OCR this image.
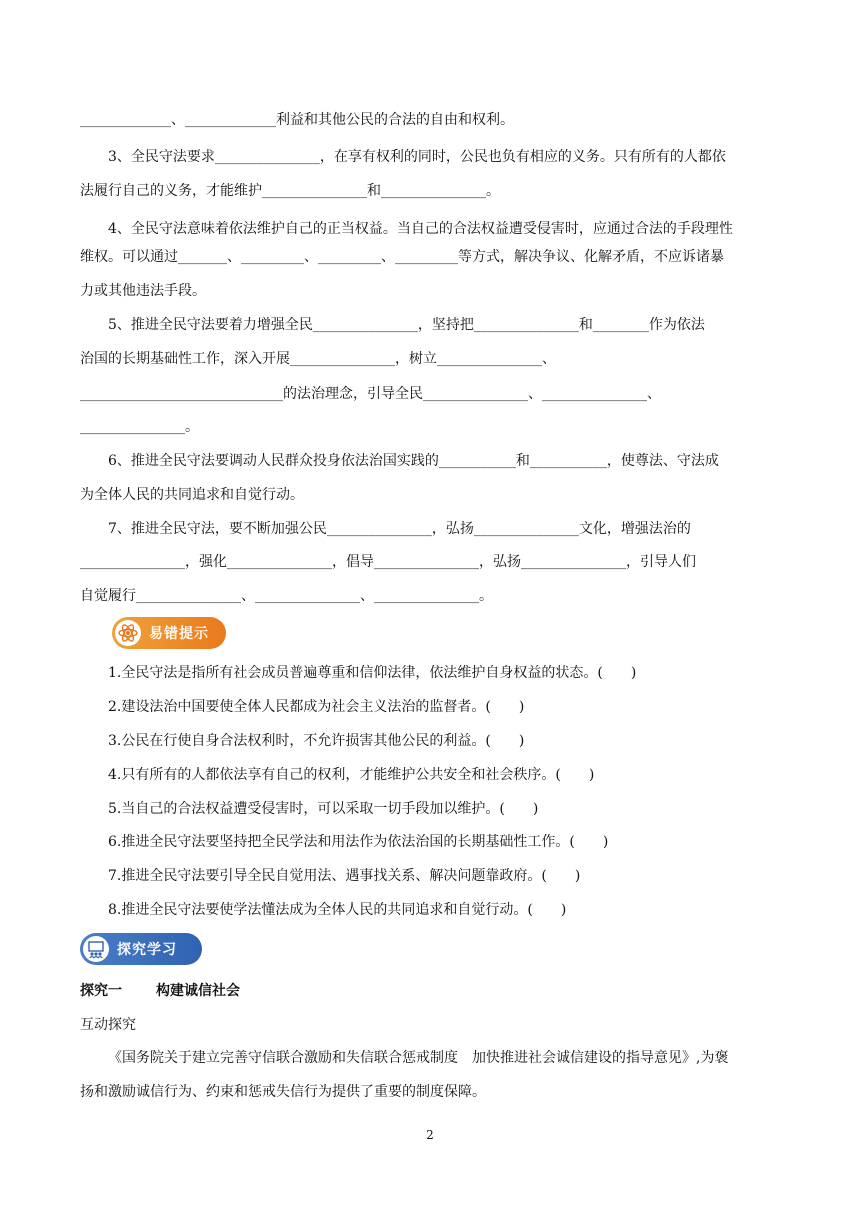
_____________、_____________利益和其他公民的合法的自由和权利。
3、全民守法要求_______________，在享有权利的同时，公民也负有相应的义务。只有所有的人都依
法履行自己的义务，才能维护_______________和_______________。
4、全民守法意味着依法维护自己的正当权益。当自己的合法权益遭受侵害时，应通过合法的手段理性
维权。可以通过_______、_________、_________、_________等方式，解决争议、化解矛盾，不应诉诸暴
力或其他违法手段。
5、推进全民守法要着力增强全民_______________，坚持把_______________和________作为依法
治国的长期基础性工作，深入开展_______________，树立_______________、
_____________________________的法治理念，引导全民_______________、_______________、
_______________。
6、推进全民守法要调动人民群众投身依法治国实践的___________和___________，使尊法、守法成
为全体人民的共同追求和自觉行动。
7、推进全民守法，要不断加强公民_______________，弘扬_______________文化，增强法治的
_______________，强化_______________，倡导_______________，弘扬_______________，引导人们
自觉履行_______________、_______________、_______________。
易错提示
1.全民守法是指所有社会成员普遍尊重和信仰法律，依法维护自身权益的状态。(　　)
2.建设法治中国要使全体人民都成为社会主义法治的监督者。(　　)
3.公民在行使自身合法权利时，不允许损害其他公民的利益。(　　)
4.只有所有的人都依法享有自己的权利，才能维护公共安全和社会秩序。(　　)
5.当自己的合法权益遭受侵害时，可以采取一切手段加以维护。(　　)
6.推进全民守法要坚持把全民学法和用法作为依法治国的长期基础性工作。(　　)
7.推进全民守法要引导全民自觉用法、遇事找关系、解决问题靠政府。(　　)
8.推进全民守法要使学法懂法成为全体人民的共同追求和自觉行动。(　　)
探究学习
探究一 构建诚信社会
互动探究
《国务院关于建立完善守信联合激励和失信联合惩戒制度　加快推进社会诚信建设的指导意见》,为褒
扬和激励诚信行为、约束和惩戒失信行为提供了重要的制度保障。
2
